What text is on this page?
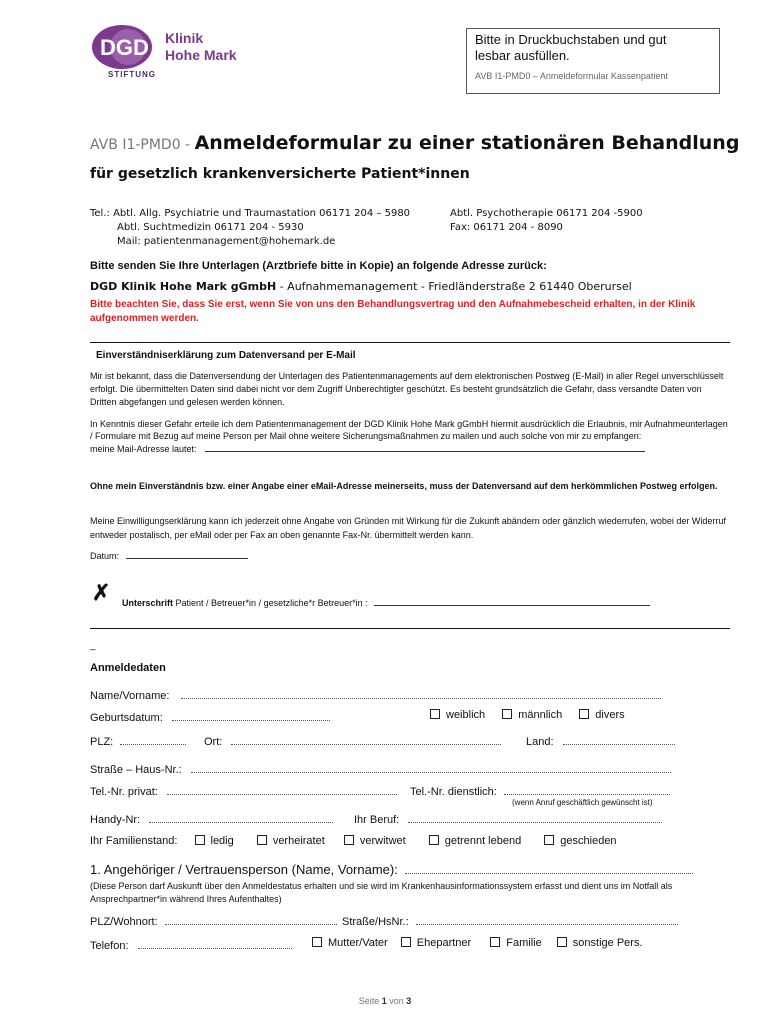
DGD Klinik
Hohe Mark
STIFTUNG
Bitte in Druckbuchstaben und gut
lesbar ausfüllen.
AVB I1-PMD0 – Anmeldeformular Kassenpatient
AVB I1-PMD0 - Anmeldeformular zu einer stationären Behandlung
für gesetzlich krankenversicherte Patient*innen
Tel.: Abtl. Allg. Psychiatrie und Traumastation 06171 204 – 5980
Abtl. Suchtmedizin 06171 204 - 5930
Mail: patientenmanagement@hohemark.de
Abtl. Psychotherapie 06171 204 -5900
Fax: 06171 204 - 8090
Bitte senden Sie Ihre Unterlagen (Arztbriefe bitte in Kopie) an folgende Adresse zurück:
DGD Klinik Hohe Mark gGmbH - Aufnahmemanagement - Friedländerstraße 2 61440 Oberursel
Bitte beachten Sie, dass Sie erst, wenn Sie von uns den Behandlungsvertrag und den Aufnahmebescheid erhalten, in der Klinik aufgenommen werden.
Einverständniserklärung zum Datenversand per E-Mail
Mir ist bekannt, dass die Datenversendung der Unterlagen des Patientenmanagements auf dem elektronischen Postweg (E-Mail) in aller Regel unverschlüsselt erfolgt. Die übermittelten Daten sind dabei nicht vor dem Zugriff Unberechtigter geschützt. Es besteht grundsätzlich die Gefahr, dass versandte Daten von Dritten abgefangen und gelesen werden können.
In Kenntnis dieser Gefahr erteile ich dem Patientenmanagement der DGD Klinik Hohe Mark gGmbH hiermit ausdrücklich die Erlaubnis, mir Aufnahmeunterlagen / Formulare mit Bezug auf meine Person per Mail ohne weitere Sicherungsmaßnahmen zu mailen und auch solche von mir zu empfangen:
meine Mail-Adresse lautet:
Ohne mein Einverständnis bzw. einer Angabe einer eMail-Adresse meinerseits, muss der Datenversand auf dem herkömmlichen Postweg erfolgen.
Meine Einwilligungserklärung kann ich jederzeit ohne Angabe von Gründen mit Wirkung für die Zukunft abändern oder gänzlich wiederrufen, wobei der Widerruf entweder postalisch, per eMail oder per Fax an oben genannte Fax-Nr. übermittelt werden kann.
Datum:
✗ Unterschrift Patient / Betreuer*in / gesetzliche*r Betreuer*in :
_
Anmeldedaten
Name/Vorname:
Geburtsdatum:	weiblich	männlich	divers
PLZ:	Ort:	Land:
Straße – Haus-Nr.:
Tel.-Nr. privat:	Tel.-Nr. dienstlich:
(wenn Anruf geschäftlich gewünscht ist)
Handy-Nr:	Ihr Beruf:
Ihr Familienstand:	ledig	verheiratet	verwitwet	getrennt lebend	geschieden
1. Angehöriger / Vertrauensperson (Name, Vorname):
(Diese Person darf Auskunft über den Anmeldestatus erhalten und sie wird im Krankenhausinformationssystem erfasst und dient uns im Notfall als Ansprechpartner*in während Ihres Aufenthaltes)
PLZ/Wohnort:	Straße/HsNr.:
Telefon:	Mutter/Vater	Ehepartner	Familie	sonstige Pers.
Seite 1 von 3
